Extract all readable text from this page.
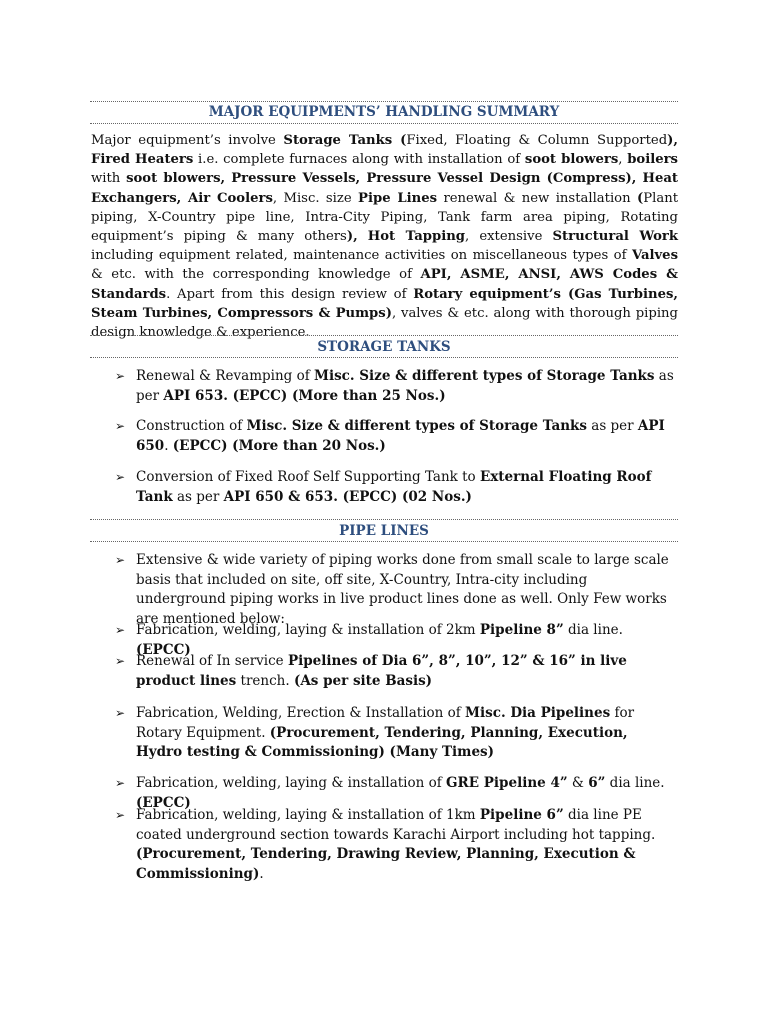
MAJOR EQUIPMENTS’ HANDLING SUMMARY

Major equipment’s involve Storage Tanks (Fixed, Floating & Column Supported), Fired Heaters i.e. complete furnaces along with installation of soot blowers, boilers with soot blowers, Pressure Vessels, Pressure Vessel Design (Compress), Heat Exchangers, Air Coolers, Misc. size Pipe Lines renewal & new installation (Plant piping, X-Country pipe line, Intra-City Piping, Tank farm area piping, Rotating equipment’s piping & many others), Hot Tapping, extensive Structural Work including equipment related, maintenance activities on miscellaneous types of Valves & etc. with the corresponding knowledge of API, ASME, ANSI, AWS Codes & Standards. Apart from this design review of Rotary equipment’s (Gas Turbines, Steam Turbines, Compressors & Pumps), valves & etc. along with thorough piping design knowledge & experience.

STORAGE TANKS
➢ Renewal & Revamping of Misc. Size & different types of Storage Tanks as per API 653. (EPCC) (More than 25 Nos.)
➢ Construction of Misc. Size & different types of Storage Tanks as per API 650. (EPCC) (More than 20 Nos.)
➢ Conversion of Fixed Roof Self Supporting Tank to External Floating Roof Tank as per API 650 & 653. (EPCC) (02 Nos.)
PIPE LINES
➢ Extensive & wide variety of piping works done from small scale to large scale basis that included on site, off site, X-Country, Intra-city including underground piping works in live product lines done as well. Only Few works are mentioned below:
➢ Fabrication, welding, laying & installation of 2km Pipeline 8” dia line. (EPCC)
➢ Renewal of In service Pipelines of Dia 6”, 8”, 10”, 12” & 16” in live product lines trench. (As per site Basis)
➢ Fabrication, Welding, Erection & Installation of Misc. Dia Pipelines for Rotary Equipment. (Procurement, Tendering, Planning, Execution, Hydro testing & Commissioning) (Many Times)
➢ Fabrication, welding, laying & installation of GRE Pipeline 4” & 6” dia line. (EPCC)
➢ Fabrication, welding, laying & installation of 1km Pipeline 6” dia line PE coated underground section towards Karachi Airport including hot tapping.
(Procurement, Tendering, Drawing Review, Planning, Execution & Commissioning).
